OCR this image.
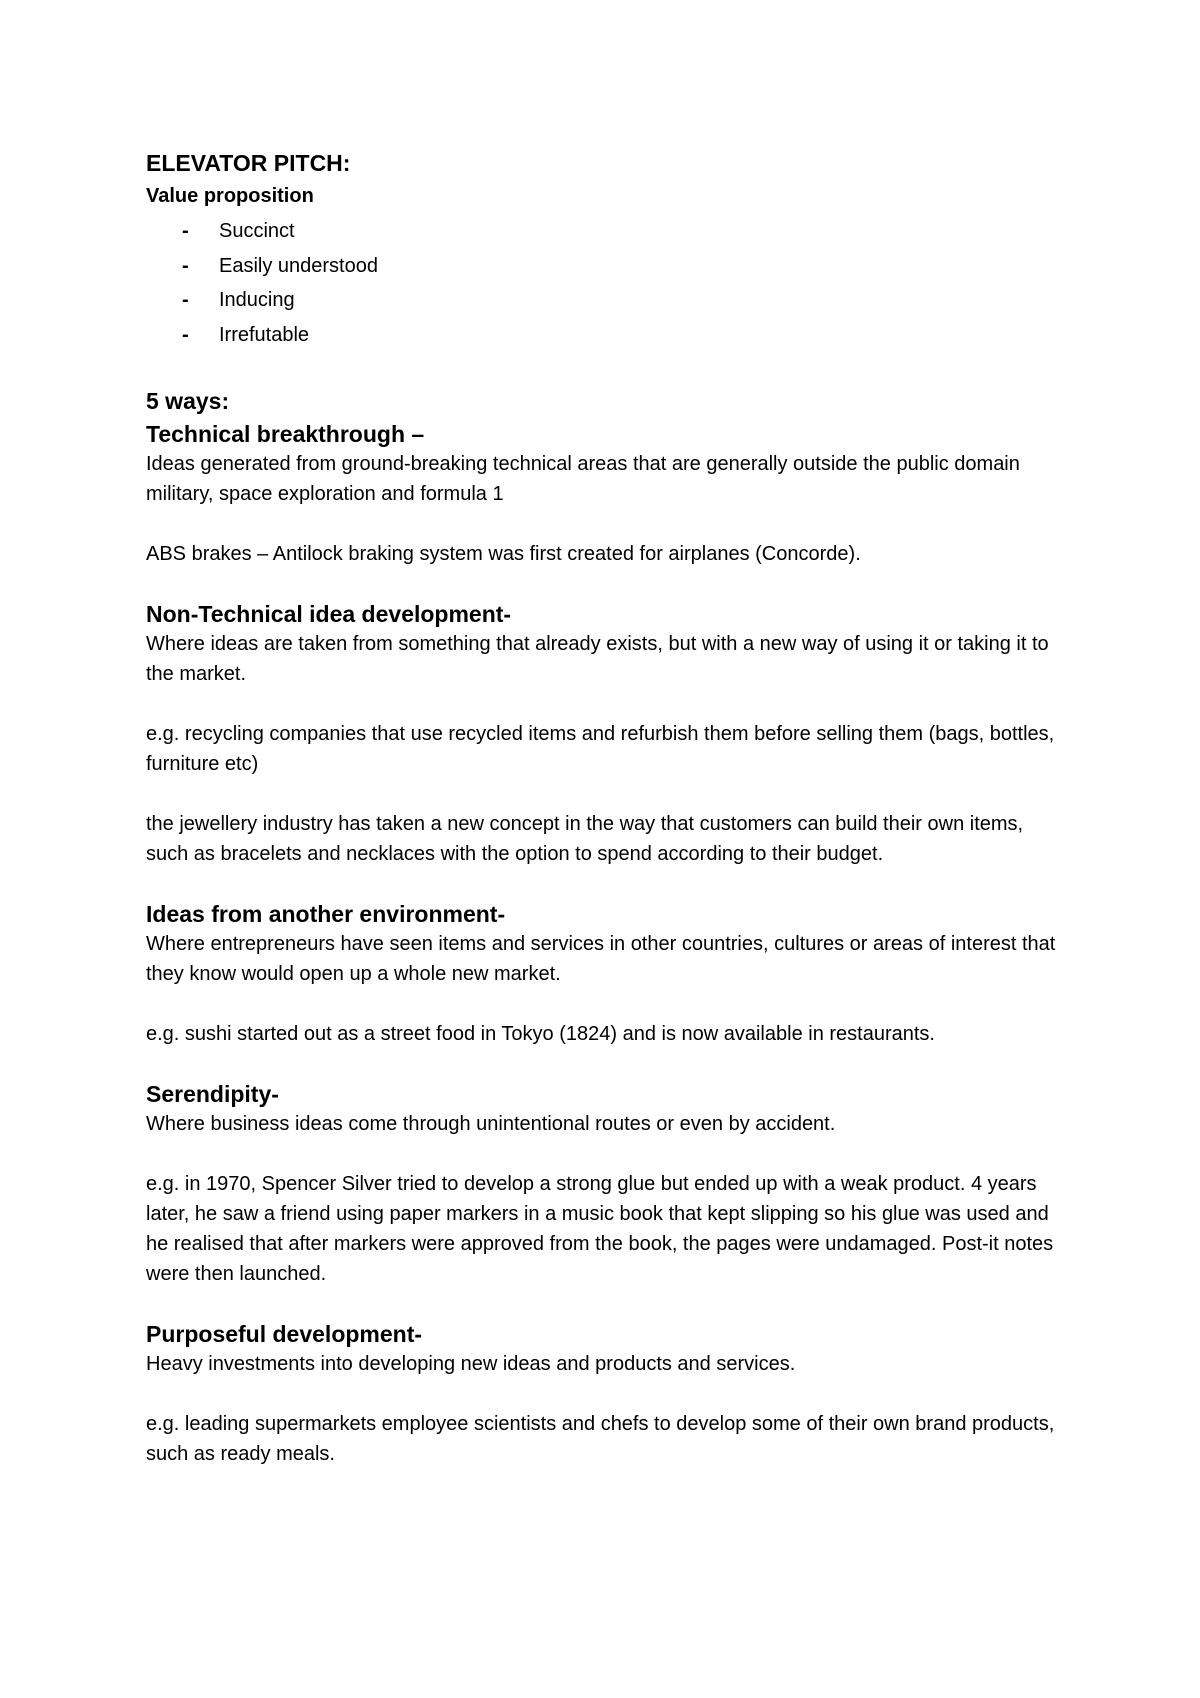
ELEVATOR PITCH:
Value proposition
-	Succinct
-	Easily understood
-	Inducing
-	Irrefutable
5 ways:
Technical breakthrough –

Ideas generated from ground-breaking technical areas that are generally outside the public domain military, space exploration and formula 1

ABS brakes – Antilock braking system was first created for airplanes (Concorde).

Non-Technical idea development-

Where ideas are taken from something that already exists, but with a new way of using it or taking it to the market.

e.g. recycling companies that use recycled items and refurbish them before selling them (bags, bottles, furniture etc)

the jewellery industry has taken a new concept in the way that customers can build their own items, such as bracelets and necklaces with the option to spend according to their budget.

Ideas from another environment-

Where entrepreneurs have seen items and services in other countries, cultures or areas of interest that they know would open up a whole new market.

e.g. sushi started out as a street food in Tokyo (1824) and is now available in restaurants.

Serendipity-

Where business ideas come through unintentional routes or even by accident.

e.g. in 1970, Spencer Silver tried to develop a strong glue but ended up with a weak product. 4 years later, he saw a friend using paper markers in a music book that kept slipping so his glue was used and he realised that after markers were approved from the book, the pages were undamaged. Post-it notes were then launched.

Purposeful development-

Heavy investments into developing new ideas and products and services.

e.g. leading supermarkets employee scientists and chefs to develop some of their own brand products, such as ready meals.
